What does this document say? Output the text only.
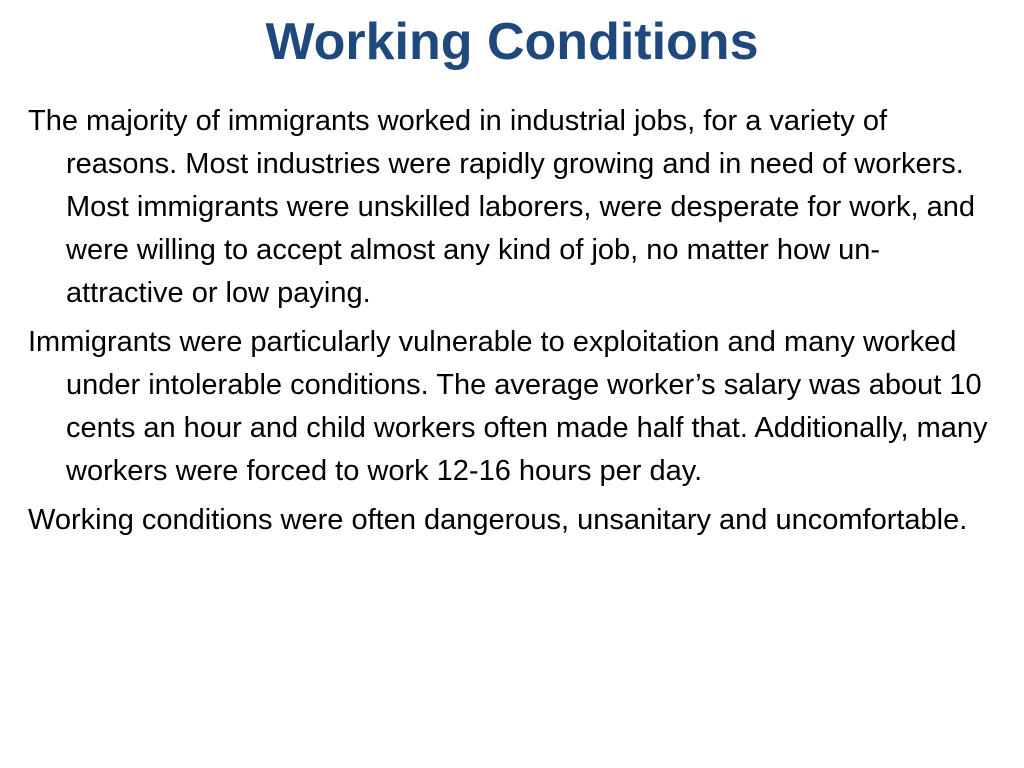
Working Conditions

The majority of immigrants worked in industrial jobs, for a variety of reasons. Most industries were rapidly growing and in need of workers. Most immigrants were unskilled laborers, were desperate for work, and were willing to accept almost any kind of job, no matter how un-attractive or low paying.

Immigrants were particularly vulnerable to exploitation and many worked under intolerable conditions. The average worker’s salary was about 10 cents an hour and child workers often made half that. Additionally, many workers were forced to work 12-16 hours per day.

Working conditions were often dangerous, unsanitary and uncomfortable.
